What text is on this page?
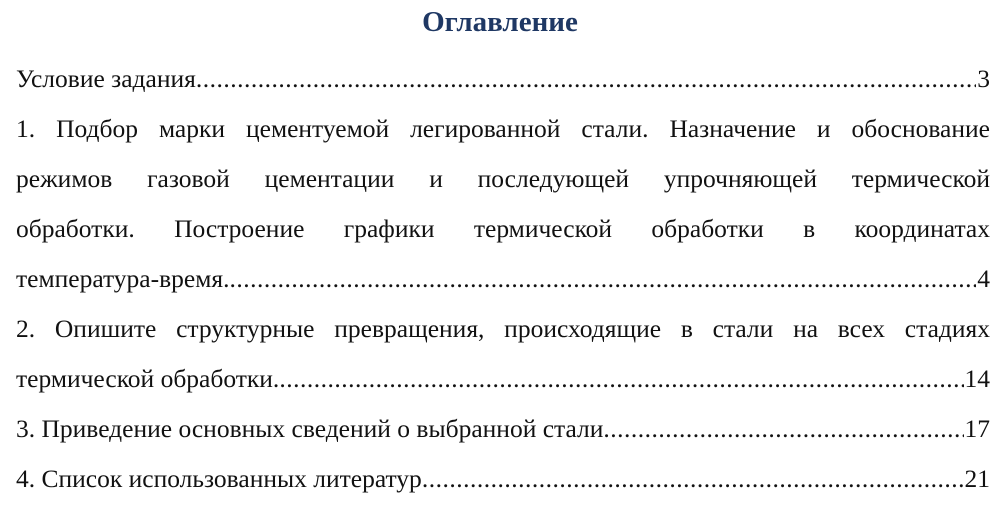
Оглавление
Условие задания .....	3
1. Подбор марки цементуемой легированной стали. Назначение и обоснование
режимов газовой цементации и последующей упрочняющей термической
обработки. Построение графики термической обработки в координатах
температура-время. .....	4
2. Опишите структурные превращения, происходящие в стали на всех стадиях
термической обработки. .....	14
3. Приведение основных сведений о выбранной стали .....	17
4. Список использованных литератур .....	21
